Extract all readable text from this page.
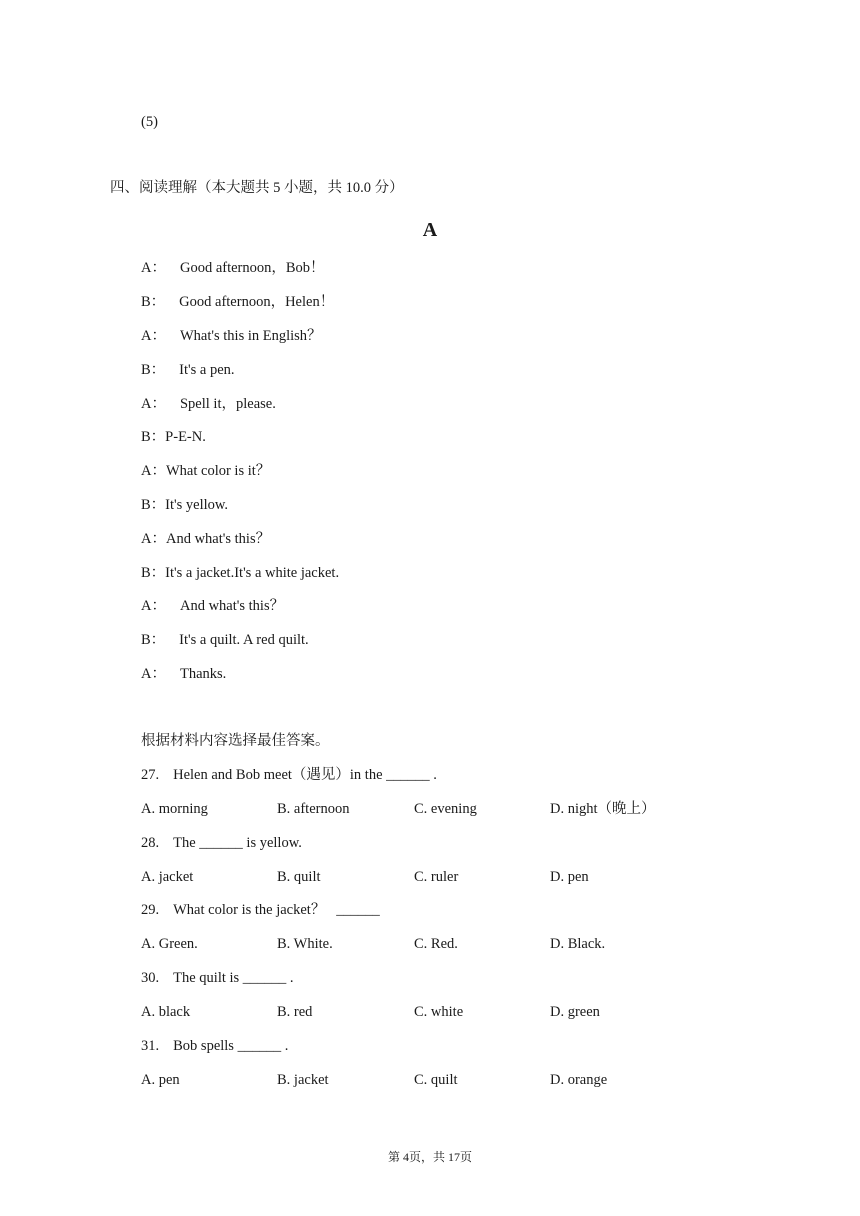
(5)
四、阅读理解（本大题共 5 小题，共 10.0 分）
A
A： Good afternoon，Bob！
B： Good afternoon，Helen！
A： What's this in English？
B： It's a pen.
A： Spell it，please.
B：P-E-N.
A：What color is it？
B：It's yellow.
A：And what's this？
B：It's a jacket.It's a white jacket.
A： And what's this？
B： It's a quilt. A red quilt.
A： Thanks.
根据材料内容选择最佳答案。
27. Helen and Bob meet（遇见）in the ______ .
A. morning	B. afternoon	C. evening	D. night（晚上）
28. The ______ is yellow.
A. jacket	B. quilt	C. ruler	D. pen
29. What color is the jacket？   ______
A. Green.	B. White.	C. Red.	D. Black.
30. The quilt is ______ .
A. black	B. red	C. white	D. green
31. Bob spells ______ .
A. pen	B. jacket	C. quilt	D. orange
第 4页，共 17页
